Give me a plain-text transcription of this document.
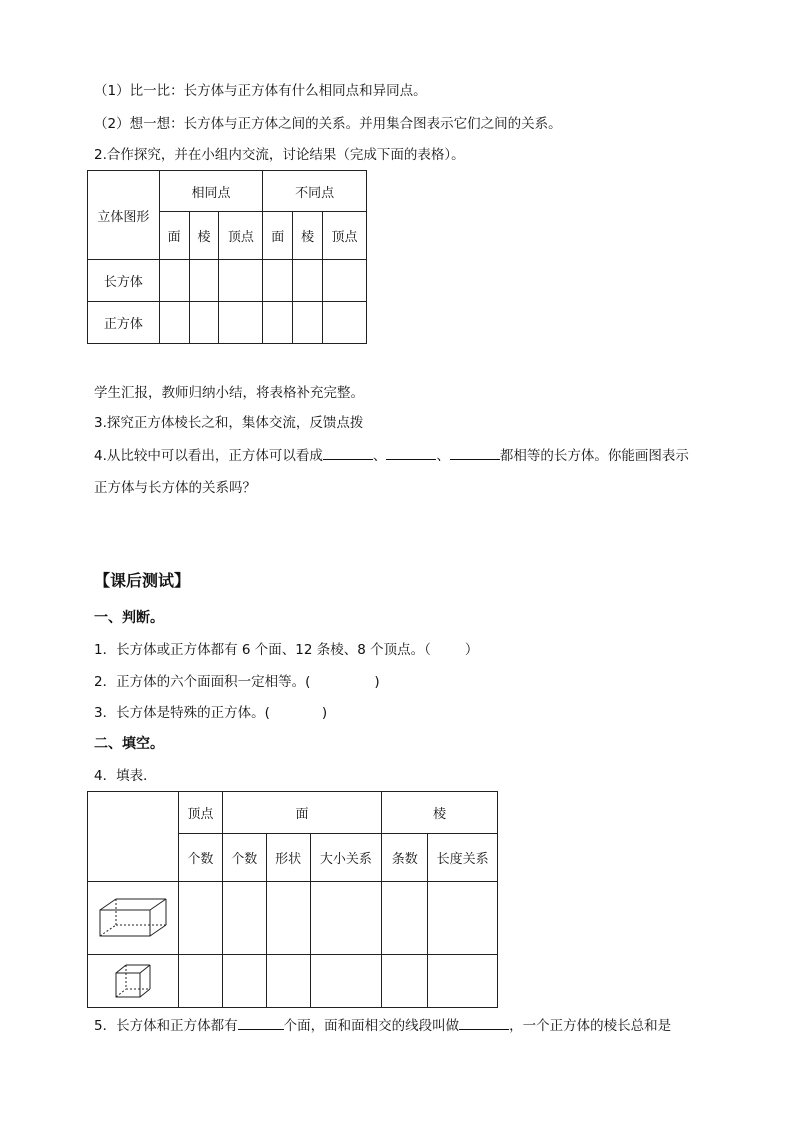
（1）比一比：长方体与正方体有什么相同点和异同点。
（2）想一想：长方体与正方体之间的关系。并用集合图表示它们之间的关系。
2.合作探究，并在小组内交流，讨论结果（完成下面的表格）。
立体图形	相同点			不同点		
	面	棱	顶点	面	棱	顶点
长方体						
正方体						
学生汇报，教师归纳小结，将表格补充完整。
3.探究正方体棱长之和，集体交流，反馈点拨
4.从比较中可以看出，正方体可以看成	、	、	都相等的长方体。你能画图表示
正方体与长方体的关系吗？
【课后测试】
一、判断。
1．长方体或正方体都有 6 个面、12 条棱、8 个顶点。（	）
2．正方体的六个面面积一定相等。(	)
3．长方体是特殊的正方体。(	)
二、填空。
4．填表．
	顶点	面			棱	
	个数	个数	形状	大小关系	条数	长度关系

5．长方体和正方体都有	个面，面和面相交的线段叫做	，一个正方体的棱长总和是
